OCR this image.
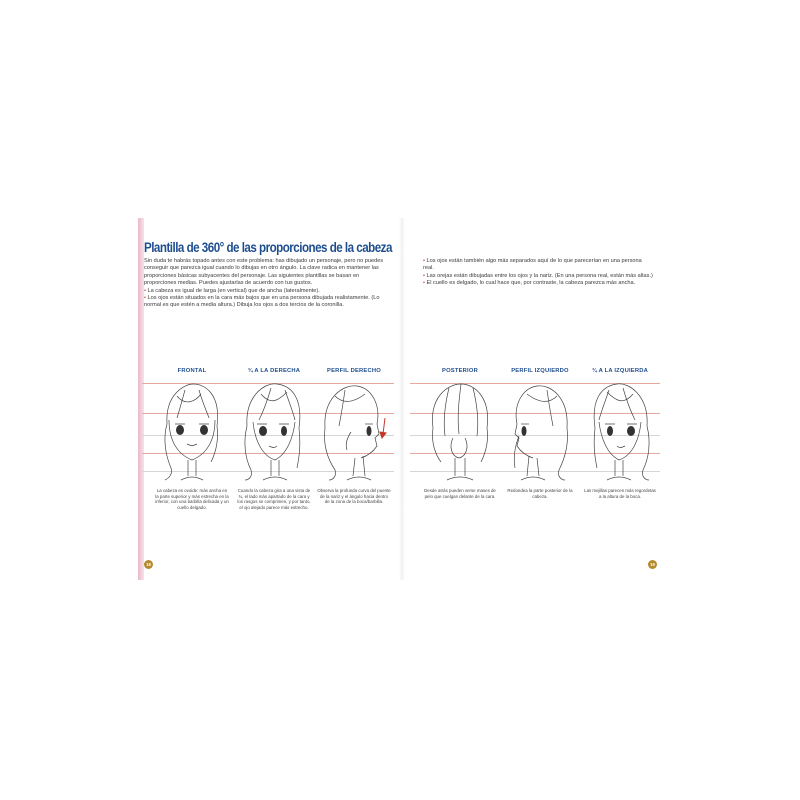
Plantilla de 360° de las proporciones de la cabeza

Sin duda te habrás topado antes con este problema: has dibujado un personaje, pero no puedes conseguir que parezca igual cuando lo dibujas en otro ángulo. La clave radica en mantener las proporciones básicas subyacentes del personaje. Las siguientes plantillas se basan en proporciones medias. Puedes ajustarlas de acuerdo con tus gustos.

• La cabeza es igual de larga (en vertical) que de ancha (lateralmente).

• Los ojos están situados en la cara más bajos que en una persona dibujada realistamente. (Lo normal es que estén a media altura.) Dibuja los ojos a dos tercios de la coronilla.

• Los ojos están también algo más separados aquí de lo que parecerían en una persona real.

• Las orejas están dibujadas entre los ojos y la nariz. (En una persona real, están más altas.)

• El cuello es delgado, lo cual hace que, por contraste, la cabeza parezca más ancha.

FRONTAL
La cabeza es ovoide: más ancha en la parte superior y más estrecha en la inferior, con una barbilla delicada y un cuello delgado.
¾ A LA DERECHA
Cuando la cabeza gira a una vista de ¾, el lado más apartado de la cara y los rasgos se comprimen, y por tanto, el ojo alejado parece más estrecho.
PERFIL DERECHO
Observa la profunda curva del puente de la nariz y el ángulo hacia dentro de la zona de la boca/barbilla.
POSTERIOR
Desde atrás pueden verse mases de pelo que cuelgan delante de la cara.
PERFIL IZQUIERDO
Redondea la parte posterior de la cabeza.
¾ A LA IZQUIERDA
Las mejillas parecen más regordetas a la altura de la boca.
18	19
